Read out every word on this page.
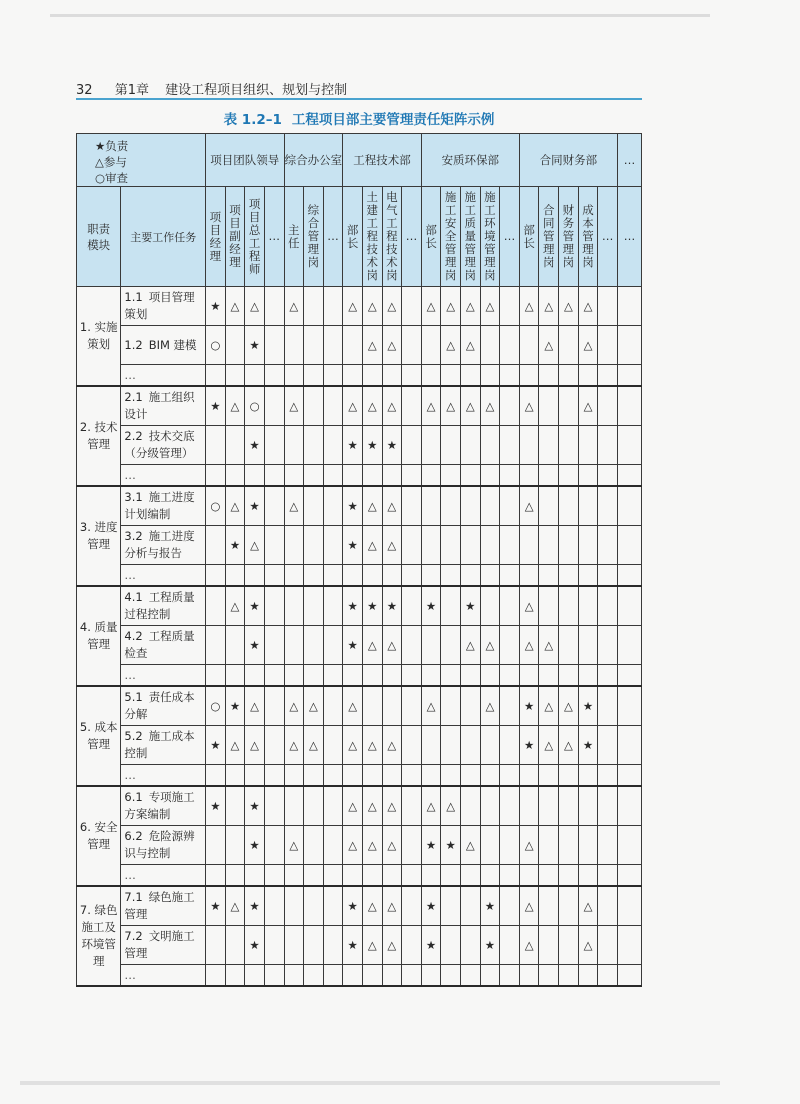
32 第1章 建设工程项目组织、规划与控制
表 1.2–1 工程项目部主要管理责任矩阵示例
★负责
△参与
○审查		项目团队领导				综合办公室			工程技术部				安质环保部					合同财务部					…

职责模块	主要工作任务	项目经理	项目副经理	项目总工程师	…	主任	综合管理岗	…	部长	土建工程技术岗	电气工程技术岗	…	部长	施工安全管理岗	施工质量管理岗	施工环境管理岗	…	部长	合同管理岗	财务管理岗	成本管理岗	…	…
1. 实施策划	1.1 项目管理策划	★	△	△		△			△	△	△		△	△	△	△		△	△	△	△		
	1.2 BIM 建模	○		★						△	△			△	△				△		△		
	…																						
2. 技术管理	2.1 施工组织设计	★	△	○		△			△	△	△		△	△	△	△		△			△		
	2.2 技术交底（分级管理）			★					★	★	★												
	…																						
3. 进度管理	3.1 施工进度计划编制	○	△	★		△			★	△	△							△					
	3.2 施工进度分析与报告		★	△					★	△	△												
	…																						
4. 质量管理	4.1 工程质量过程控制		△	★					★	★	★		★		★			△					
	4.2 工程质量检查			★					★	△	△				△	△		△	△				
	…																						
5. 成本管理	5.1 责任成本分解	○	★	△		△	△		△				△			△		★	△	△	★		
	5.2 施工成本控制	★	△	△		△	△		△	△	△							★	△	△	★		
	…																						
6. 安全管理	6.1 专项施工方案编制	★		★					△	△	△		△	△									
	6.2 危险源辨识与控制			★		△			△	△	△		★	★	△			△					
	…																						
7. 绿色施工及环境管理	7.1 绿色施工管理	★	△	★					★	△	△		★			★		△			△		
	7.2 文明施工管理			★					★	△	△		★			★		△			△		
	…																						
